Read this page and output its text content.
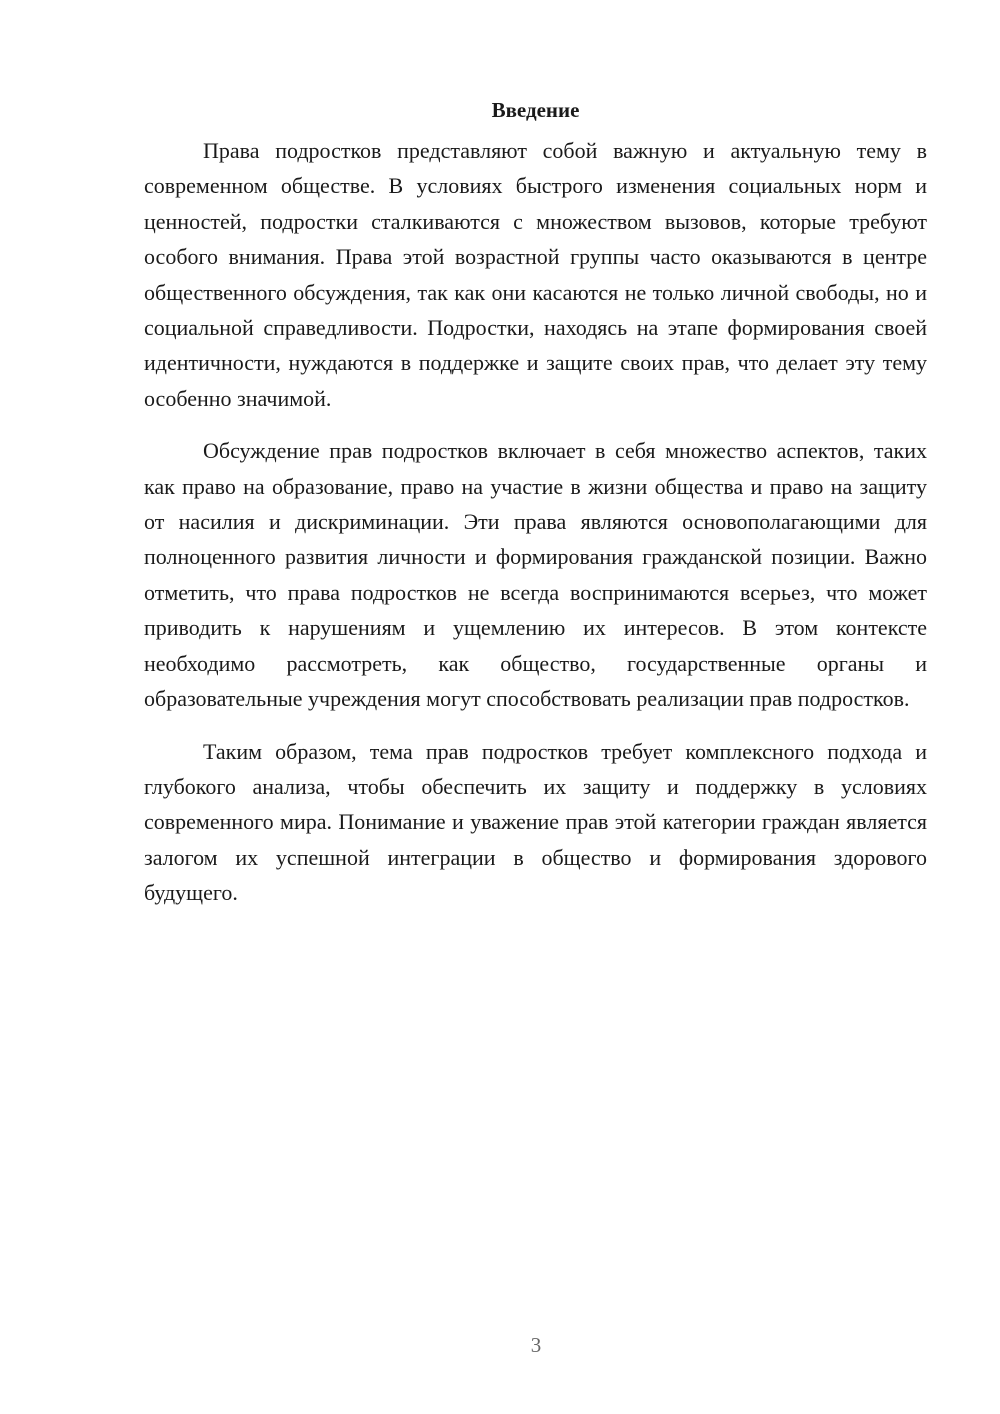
Введение

Права подростков представляют собой важную и актуальную тему в современном обществе. В условиях быстрого изменения социальных норм и ценностей, подростки сталкиваются с множеством вызовов, которые требуют особого внимания. Права этой возрастной группы часто оказываются в центре общественного обсуждения, так как они касаются не только личной свободы, но и социальной справедливости. Подростки, находясь на этапе формирования своей идентичности, нуждаются в поддержке и защите своих прав, что делает эту тему особенно значимой.

Обсуждение прав подростков включает в себя множество аспектов, таких как право на образование, право на участие в жизни общества и право на защиту от насилия и дискриминации. Эти права являются основополагающими для полноценного развития личности и формирования гражданской позиции. Важно отметить, что права подростков не всегда воспринимаются всерьез, что может приводить к нарушениям и ущемлению их интересов. В этом контексте необходимо рассмотреть, как общество, государственные органы и образовательные учреждения могут способствовать реализации прав подростков.

Таким образом, тема прав подростков требует комплексного подхода и глубокого анализа, чтобы обеспечить их защиту и поддержку в условиях современного мира. Понимание и уважение прав этой категории граждан является залогом их успешной интеграции в общество и формирования здорового будущего.

3
